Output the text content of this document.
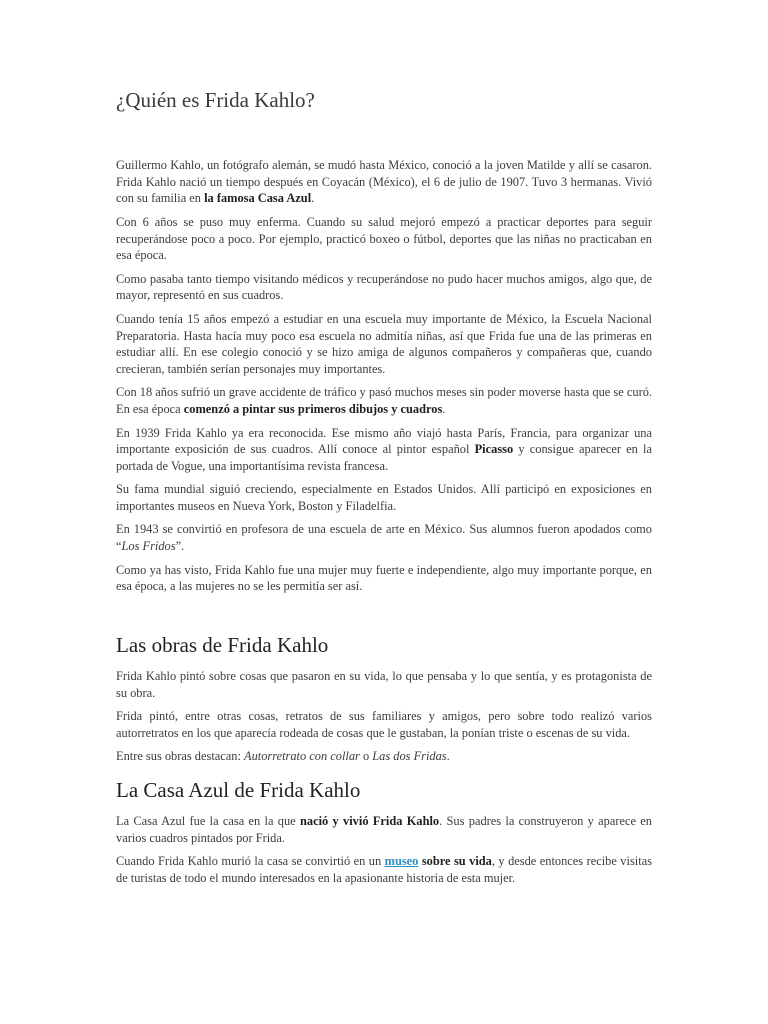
¿Quién es Frida Kahlo?

Guillermo Kahlo, un fotógrafo alemán, se mudó hasta México, conoció a la joven Matilde y allí se casaron. Frida Kahlo nació un tiempo después en Coyacán (México), el 6 de julio de 1907. Tuvo 3 hermanas. Vivió con su familia en la famosa Casa Azul.

Con 6 años se puso muy enferma. Cuando su salud mejoró empezó a practicar deportes para seguir recuperándose poco a poco. Por ejemplo, practicó boxeo o fútbol, deportes que las niñas no practicaban en esa época.

Como pasaba tanto tiempo visitando médicos y recuperándose no pudo hacer muchos amigos, algo que, de mayor, representó en sus cuadros.

Cuando tenía 15 años empezó a estudiar en una escuela muy importante de México, la Escuela Nacional Preparatoria. Hasta hacía muy poco esa escuela no admitía niñas, así que Frida fue una de las primeras en estudiar allí. En ese colegio conoció y se hizo amiga de algunos compañeros y compañeras que, cuando crecieran, también serían personajes muy importantes.

Con 18 años sufrió un grave accidente de tráfico y pasó muchos meses sin poder moverse hasta que se curó. En esa época comenzó a pintar sus primeros dibujos y cuadros.

En 1939 Frida Kahlo ya era reconocida. Ese mismo año viajó hasta París, Francia, para organizar una importante exposición de sus cuadros. Allí conoce al pintor español Picasso y consigue aparecer en la portada de Vogue, una importantísima revista francesa.

Su fama mundial siguió creciendo, especialmente en Estados Unidos. Allí participó en exposiciones en importantes museos en Nueva York, Boston y Filadelfia.

En 1943 se convirtió en profesora de una escuela de arte en México. Sus alumnos fueron apodados como “Los Fridos”.

Como ya has visto, Frida Kahlo fue una mujer muy fuerte e independiente, algo muy importante porque, en esa época, a las mujeres no se les permitía ser así.

Las obras de Frida Kahlo

Frida Kahlo pintó sobre cosas que pasaron en su vida, lo que pensaba y lo que sentía, y es protagonista de su obra.

Frida pintó, entre otras cosas, retratos de sus familiares y amigos, pero sobre todo realizó varios autorretratos en los que aparecía rodeada de cosas que le gustaban, la ponían triste o escenas de su vida.

Entre sus obras destacan: Autorretrato con collar o Las dos Fridas.

La Casa Azul de Frida Kahlo

La Casa Azul fue la casa en la que nació y vivió Frida Kahlo. Sus padres la construyeron y aparece en varios cuadros pintados por Frida.

Cuando Frida Kahlo murió la casa se convirtió en un museo sobre su vida, y desde entonces recibe visitas de turistas de todo el mundo interesados en la apasionante historia de esta mujer.
